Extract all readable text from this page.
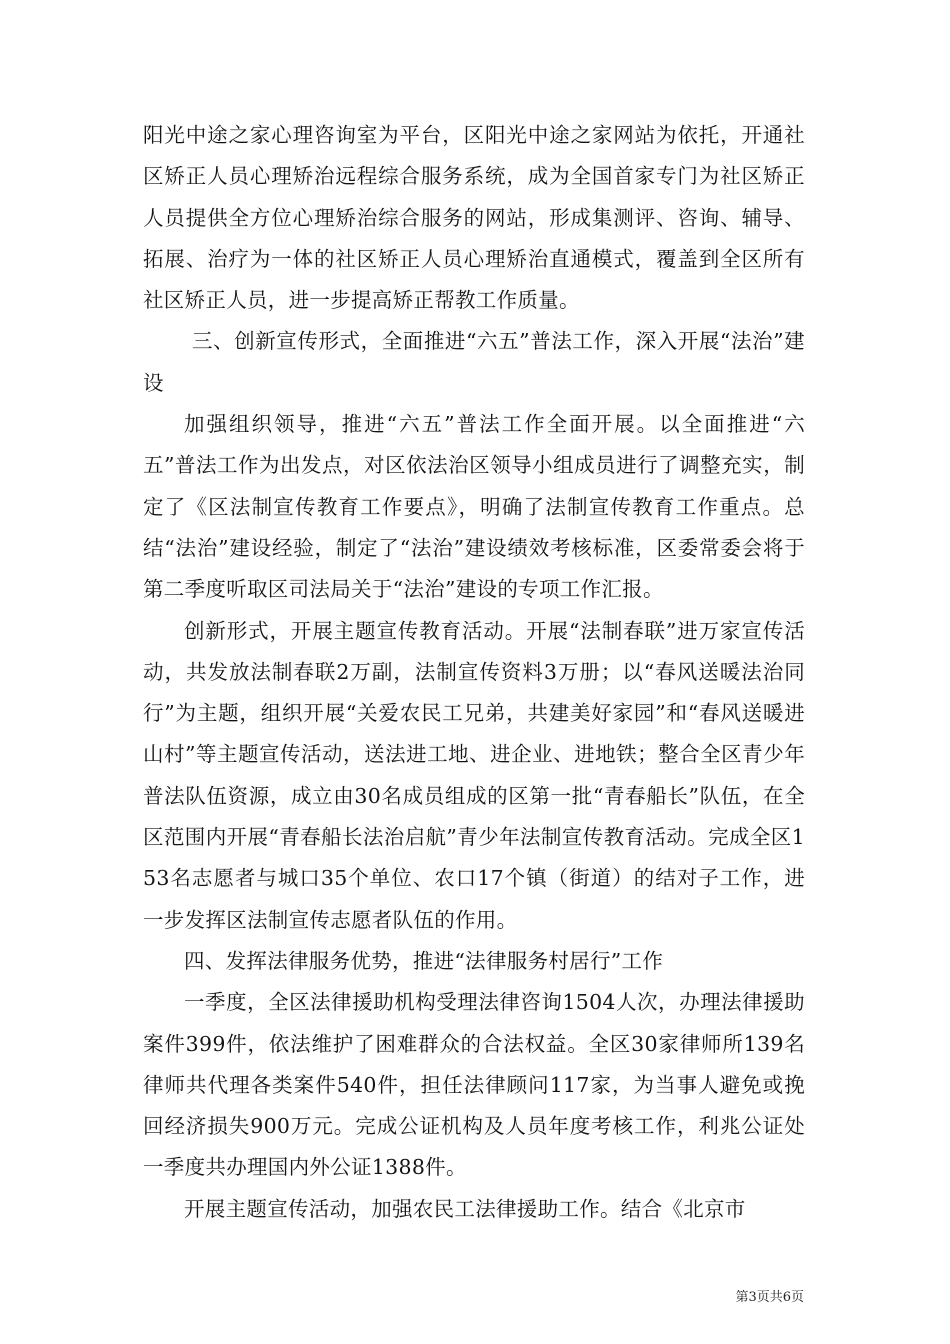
阳光中途之家心理咨询室为平台，区阳光中途之家网站为依托，开通社区矫正人员心理矫治远程综合服务系统，成为全国首家专门为社区矫正人员提供全方位心理矫治综合服务的网站，形成集测评、咨询、辅导、拓展、治疗为一体的社区矫正人员心理矫治直通模式，覆盖到全区所有社区矫正人员，进一步提高矫正帮教工作质量。

三、创新宣传形式，全面推进“六五”普法工作，深入开展“法治”建设

加强组织领导，推进“六五”普法工作全面开展。以全面推进“六五”普法工作为出发点，对区依法治区领导小组成员进行了调整充实，制定了《区法制宣传教育工作要点》，明确了法制宣传教育工作重点。总结“法治”建设经验，制定了“法治”建设绩效考核标准，区委常委会将于第二季度听取区司法局关于“法治”建设的专项工作汇报。

创新形式，开展主题宣传教育活动。开展“法制春联”进万家宣传活动，共发放法制春联2万副，法制宣传资料3万册；以“春风送暖法治同行”为主题，组织开展“关爱农民工兄弟，共建美好家园”和“春风送暖进山村”等主题宣传活动，送法进工地、进企业、进地铁；整合全区青少年普法队伍资源，成立由30名成员组成的区第一批“青春船长”队伍，在全区范围内开展“青春船长法治启航”青少年法制宣传教育活动。完成全区153名志愿者与城口35个单位、农口17个镇（街道）的结对子工作，进一步发挥区法制宣传志愿者队伍的作用。

四、发挥法律服务优势，推进“法律服务村居行”工作

一季度，全区法律援助机构受理法律咨询1504人次，办理法律援助案件399件，依法维护了困难群众的合法权益。全区30家律师所139名律师共代理各类案件540件，担任法律顾问117家，为当事人避免或挽回经济损失900万元。完成公证机构及人员年度考核工作，利兆公证处一季度共办理国内外公证1388件。

开展主题宣传活动，加强农民工法律援助工作。结合《北京市

第3页共6页
